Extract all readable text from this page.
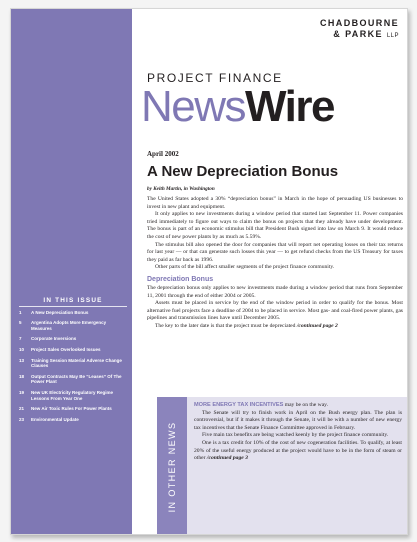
CHADBOURNE
& PARKE LLP
PROJECT FINANCE
NewsWire
April 2002
A New Depreciation Bonus
by Keith Martin, in Washington

The United States adopted a 30% “depreciation bonus” in March in the hope of persuading US businesses to invest in new plant and equipment.

It only applies to new investments during a window period that started last September 11. Power companies tried immediately to figure out ways to claim the bonus on projects that they already have under development. The bonus is part of an economic stimulus bill that President Bush signed into law on March 9. It would reduce the cost of new power plants by as much as 5.59%.

The stimulus bill also opened the door for companies that will report net operating losses on their tax returns for last year — or that can generate such losses this year — to get refund checks from the US Treasury for taxes they paid as far back as 1996.

Other parts of the bill affect smaller segments of the project finance community.

Depreciation Bonus

The depreciation bonus only applies to new investments made during a window period that runs from September 11, 2001 through the end of either 2004 or 2005.

Assets must be placed in service by the end of the window period in order to qualify for the bonus. Most alternative fuel projects face a deadline of 2004 to be placed in service. Most gas- and coal-fired power plants, gas pipelines and transmission lines have until December 2005.

The key to the later date is that the project must be depreciated /continued page 2

IN THIS ISSUE
1	A New Depreciation Bonus
5	Argentina Adopts More Emergency Measures
7	Corporate Inversions
10	Project Sales Overlooked Issues
13	Training Session Material Adverse Change Clauses
18	Output Contracts May Be “Leases” Of The Power Plant
19	New UK Electricity Regulatory Regime Lessons From Year One
21	New Air Toxic Rules For Power Plants
23	Environmental Update
IN OTHER NEWS

MORE ENERGY TAX INCENTIVES may be on the way.

The Senate will try to finish work in April on the Bush energy plan. The plan is controversial, but if it makes it through the Senate, it will be with a number of new energy tax incentives that the Senate Finance Committee approved in February.

Five main tax benefits are being watched keenly by the project finance community.

One is a tax credit for 10% of the cost of new cogeneration facilities. To qualify, at least 20% of the useful energy produced at the project would have to be in the form of steam or other /continued page 3
